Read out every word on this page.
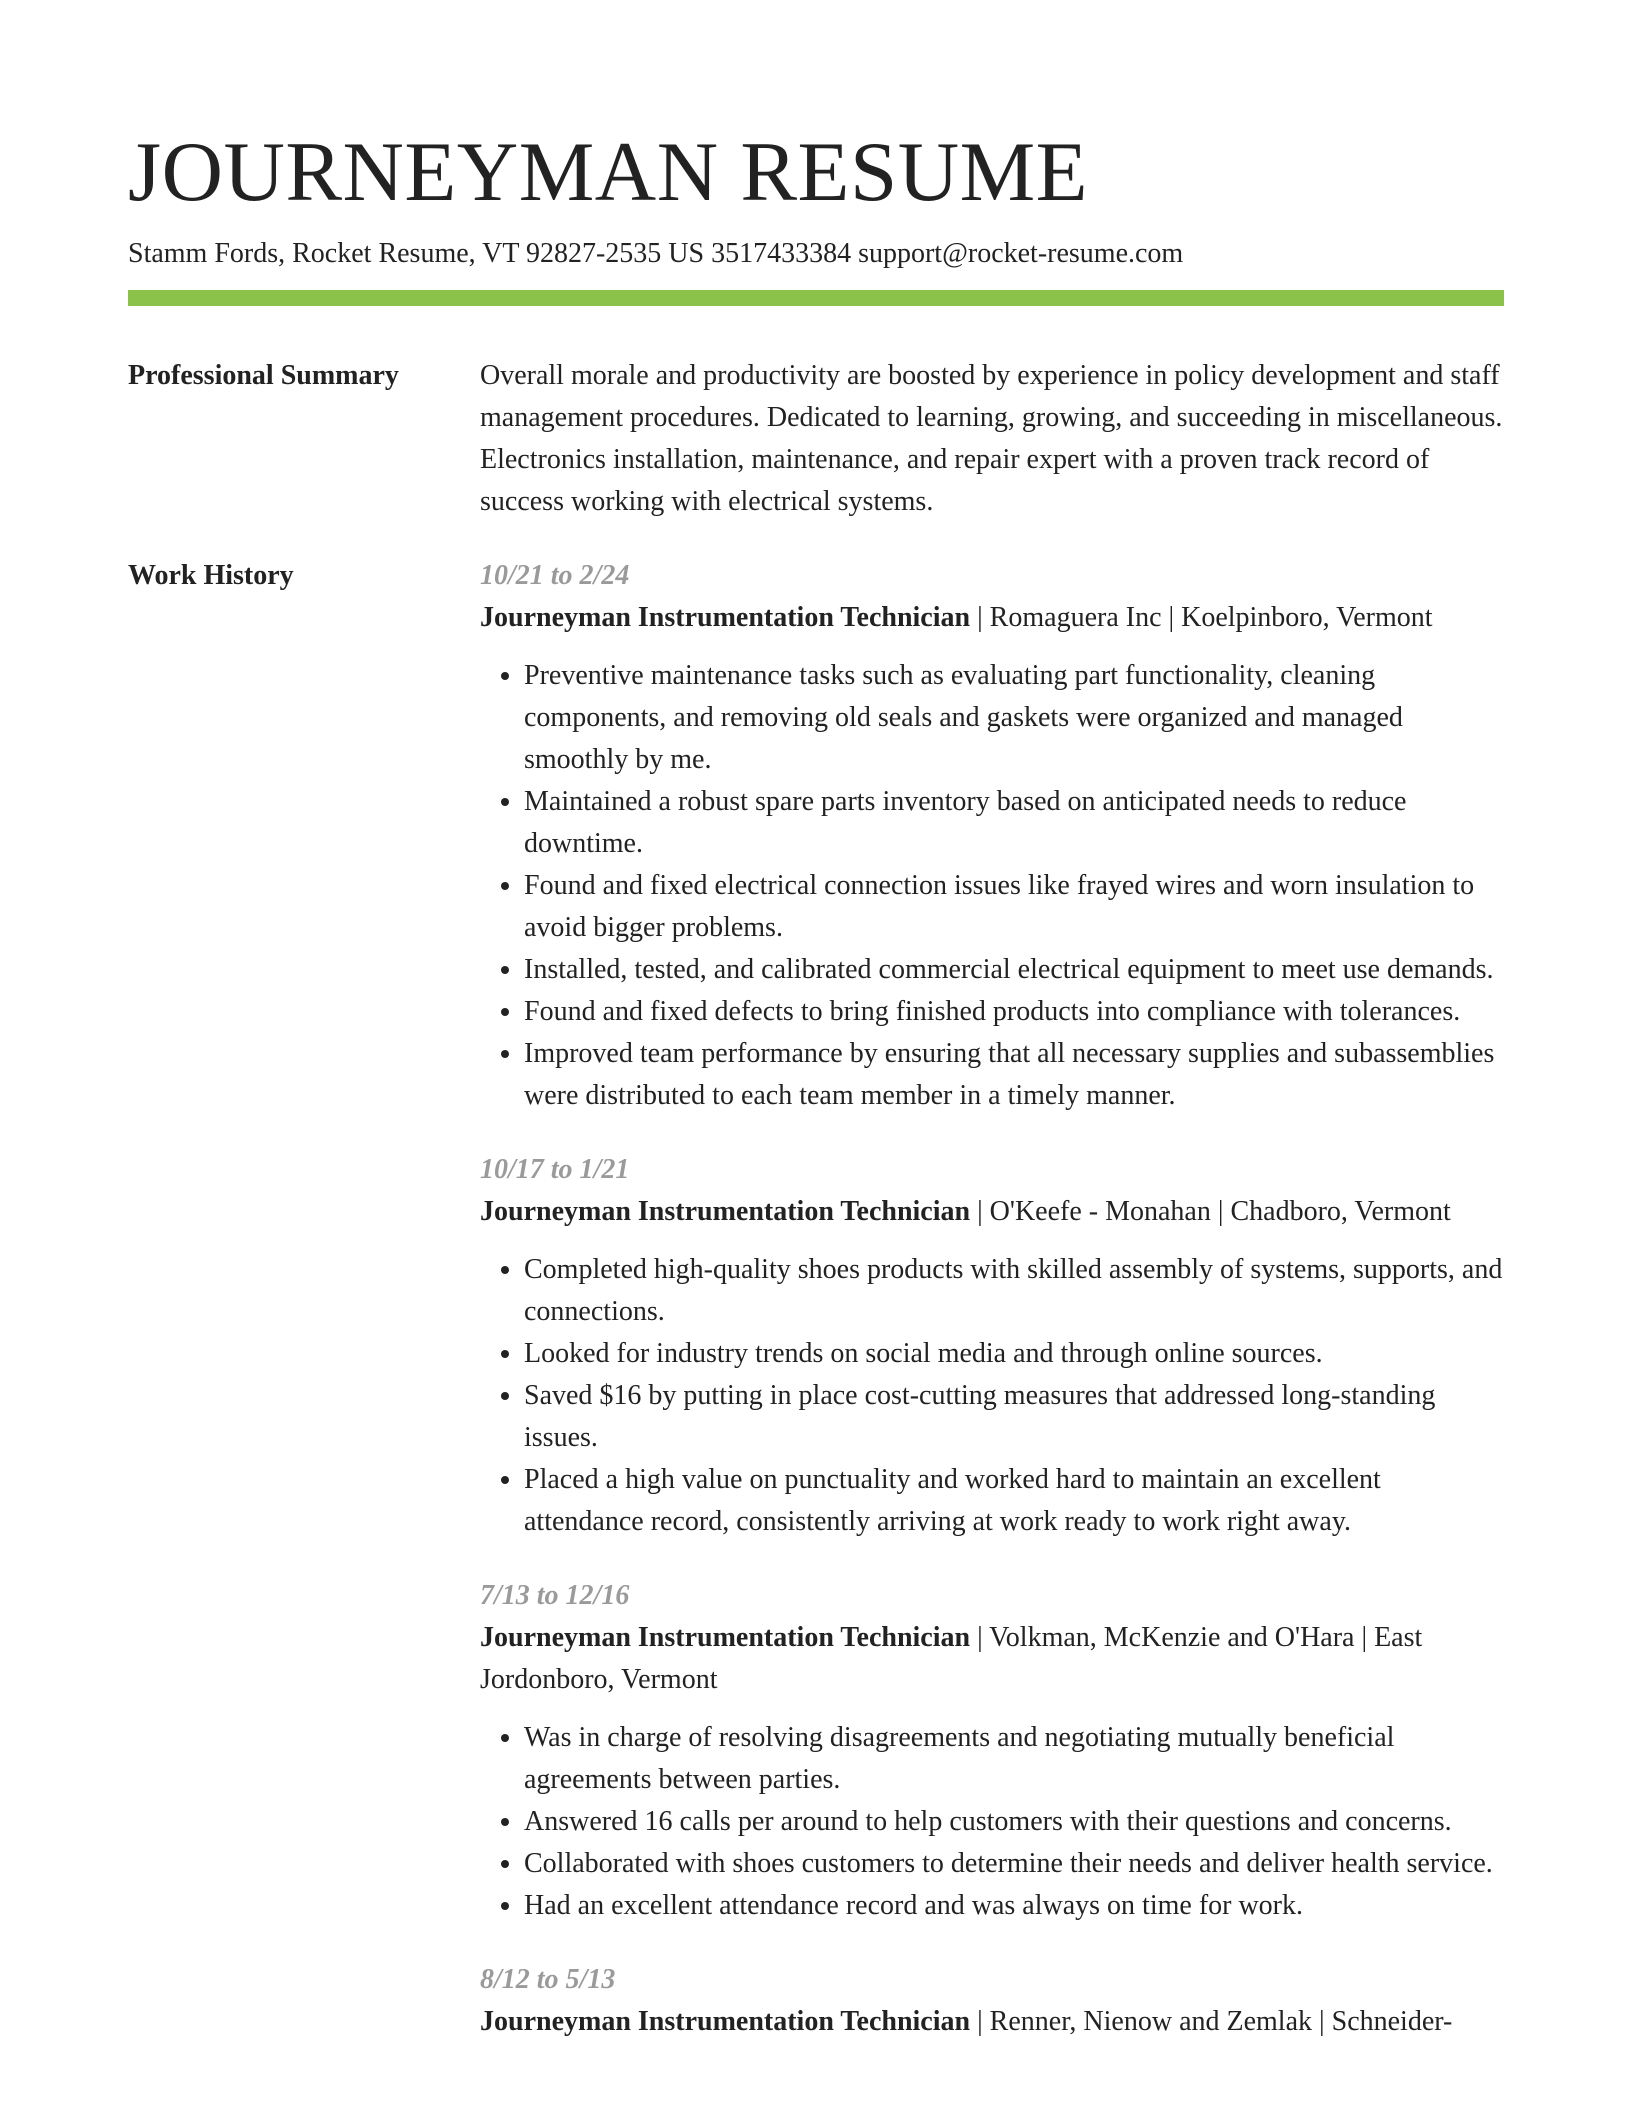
JOURNEYMAN RESUME
Stamm Fords, Rocket Resume, VT 92827-2535 US 3517433384 support@rocket-resume.com
Professional Summary	Overall morale and productivity are boosted by experience in policy development and staff management procedures. Dedicated to learning, growing, and succeeding in miscellaneous. Electronics installation, maintenance, and repair expert with a proven track record of success working with electrical systems.
Work History	10/21 to 2/24
Journeyman Instrumentation Technician | Romaguera Inc | Koelpinboro, Vermont
• Preventive maintenance tasks such as evaluating part functionality, cleaning components, and removing old seals and gaskets were organized and managed smoothly by me.
• Maintained a robust spare parts inventory based on anticipated needs to reduce downtime.
• Found and fixed electrical connection issues like frayed wires and worn insulation to avoid bigger problems.
• Installed, tested, and calibrated commercial electrical equipment to meet use demands.
• Found and fixed defects to bring finished products into compliance with tolerances.
• Improved team performance by ensuring that all necessary supplies and subassemblies were distributed to each team member in a timely manner.
10/17 to 1/21
Journeyman Instrumentation Technician | O'Keefe - Monahan | Chadboro, Vermont
• Completed high-quality shoes products with skilled assembly of systems, supports, and connections.
• Looked for industry trends on social media and through online sources.
• Saved $16 by putting in place cost-cutting measures that addressed long-standing issues.
• Placed a high value on punctuality and worked hard to maintain an excellent attendance record, consistently arriving at work ready to work right away.
7/13 to 12/16
Journeyman Instrumentation Technician | Volkman, McKenzie and O'Hara | East Jordonboro, Vermont
• Was in charge of resolving disagreements and negotiating mutually beneficial agreements between parties.
• Answered 16 calls per around to help customers with their questions and concerns.
• Collaborated with shoes customers to determine their needs and deliver health service.
• Had an excellent attendance record and was always on time for work.
8/12 to 5/13
Journeyman Instrumentation Technician | Renner, Nienow and Zemlak | Schneider-
